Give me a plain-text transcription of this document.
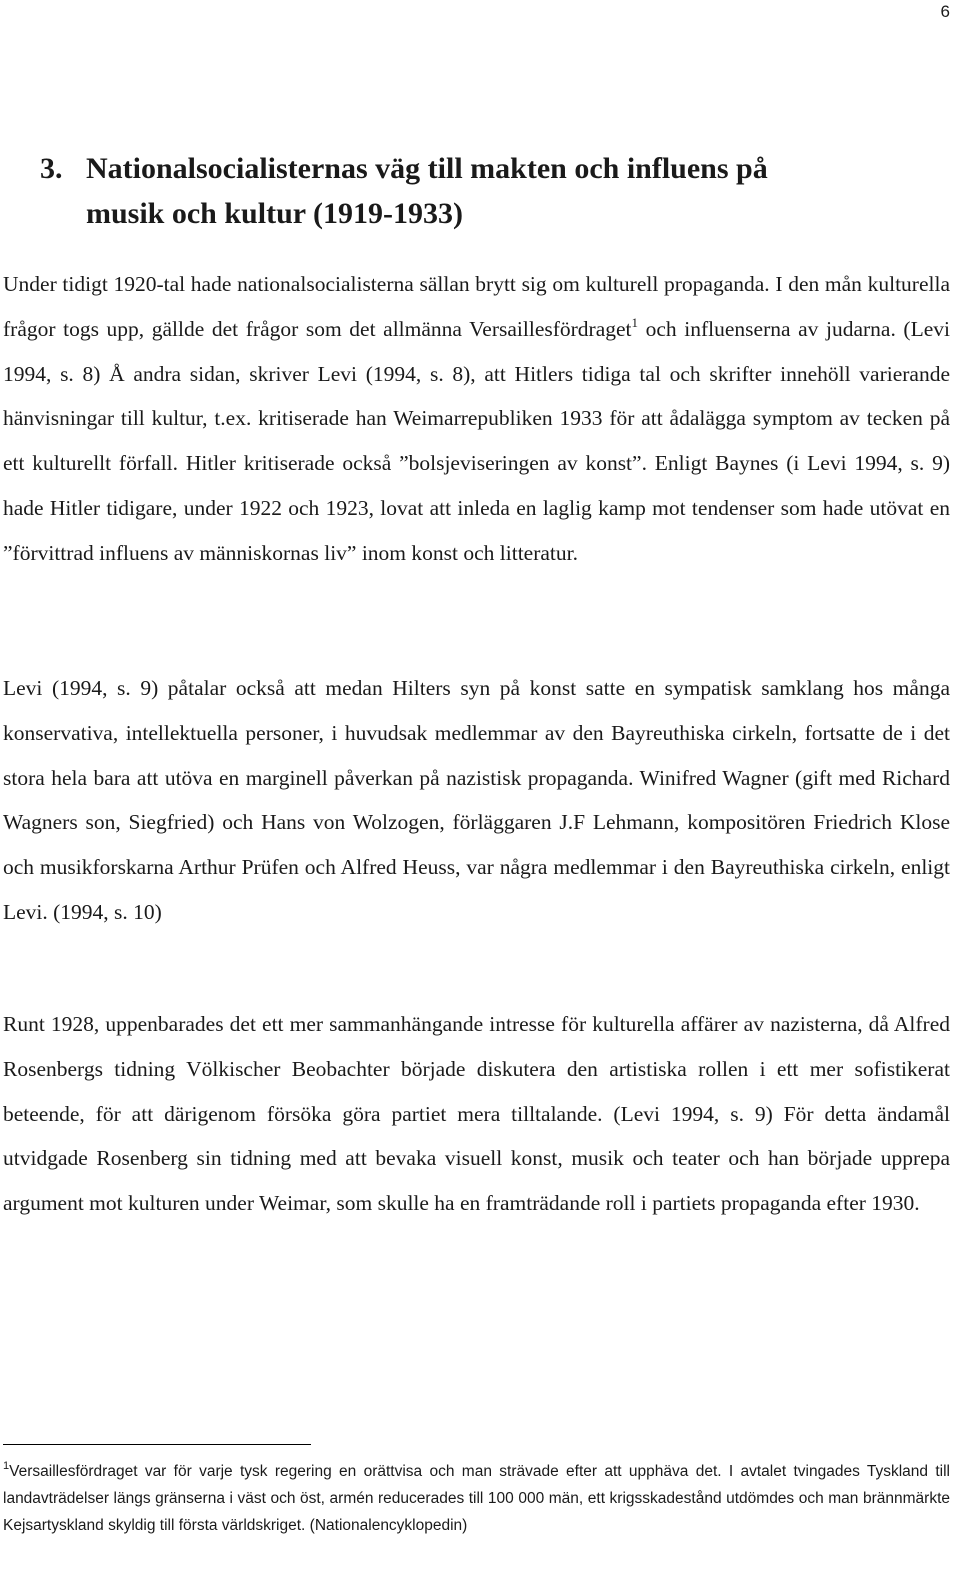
6
3. Nationalsocialisternas väg till makten och influens på
musik och kultur (1919-1933)

Under tidigt 1920-tal hade nationalsocialisterna sällan brytt sig om kulturell propaganda. I den mån kulturella frågor togs upp, gällde det frågor som det allmänna Versaillesfördraget$^1$ och influenserna av judarna. (Levi 1994, s. 8) Å andra sidan, skriver Levi (1994, s. 8), att Hitlers tidiga tal och skrifter innehöll varierande hänvisningar till kultur, t.ex. kritiserade han Weimarrepubliken 1933 för att ådalägga symptom av tecken på ett kulturellt förfall. Hitler kritiserade också ”bolsjeviseringen av konst”. Enligt Baynes (i Levi 1994, s. 9) hade Hitler tidigare, under 1922 och 1923, lovat att inleda en laglig kamp mot tendenser som hade utövat en ”förvittrad influens av människornas liv” inom konst och litteratur.

Levi (1994, s. 9) påtalar också att medan Hilters syn på konst satte en sympatisk samklang hos många konservativa, intellektuella personer, i huvudsak medlemmar av den Bayreuthiska cirkeln, fortsatte de i det stora hela bara att utöva en marginell påverkan på nazistisk propaganda. Winifred Wagner (gift med Richard Wagners son, Siegfried) och Hans von Wolzogen, förläggaren J.F Lehmann, kompositören Friedrich Klose och musikforskarna Arthur Prüfen och Alfred Heuss, var några medlemmar i den Bayreuthiska cirkeln, enligt Levi. (1994, s. 10)

Runt 1928, uppenbarades det ett mer sammanhängande intresse för kulturella affärer av nazisterna, då Alfred Rosenbergs tidning Völkischer Beobachter började diskutera den artistiska rollen i ett mer sofistikerat beteende, för att därigenom försöka göra partiet mera tilltalande. (Levi 1994, s. 9) För detta ändamål utvidgade Rosenberg sin tidning med att bevaka visuell konst, musik och teater och han började upprepa argument mot kulturen under Weimar, som skulle ha en framträdande roll i partiets propaganda efter 1930.

$^1$Versaillesfördraget var för varje tysk regering en orättvisa och man strävade efter att upphäva det. I avtalet tvingades Tyskland till landavträdelser längs gränserna i väst och öst, armén reducerades till 100 000 män, ett krigsskadestånd utdömdes och man brännmärkte Kejsartyskland skyldig till första världskriget. (Nationalencyklopedin)
